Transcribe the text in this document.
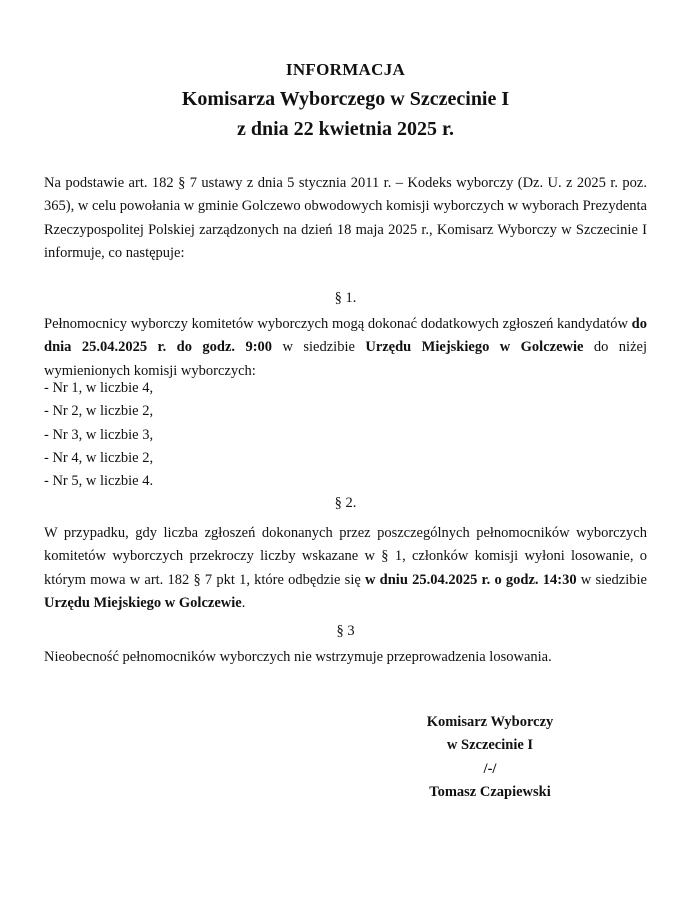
INFORMACJA
Komisarza Wyborczego w Szczecinie I
z dnia 22 kwietnia 2025 r.
Na podstawie art. 182 § 7 ustawy z dnia 5 stycznia 2011 r. – Kodeks wyborczy (Dz. U. z 2025 r. poz. 365), w celu powołania w gminie Golczewo obwodowych komisji wyborczych w wyborach Prezydenta Rzeczypospolitej Polskiej zarządzonych na dzień 18 maja 2025 r., Komisarz Wyborczy w Szczecinie I informuje, co następuje:
§ 1.
Pełnomocnicy wyborczy komitetów wyborczych mogą dokonać dodatkowych zgłoszeń kandydatów do dnia 25.04.2025 r. do godz. 9:00 w siedzibie Urzędu Miejskiego w Golczewie do niżej wymienionych komisji wyborczych:
- Nr 1, w liczbie 4,
- Nr 2, w liczbie 2,
- Nr 3, w liczbie 3,
- Nr 4, w liczbie 2,
- Nr 5, w liczbie 4.
§ 2.
W przypadku, gdy liczba zgłoszeń dokonanych przez poszczególnych pełnomocników wyborczych komitetów wyborczych przekroczy liczby wskazane w § 1, członków komisji wyłoni losowanie, o którym mowa w art. 182 § 7 pkt 1, które odbędzie się w dniu 25.04.2025 r. o godz. 14:30 w siedzibie Urzędu Miejskiego w Golczewie.
§ 3
Nieobecność pełnomocników wyborczych nie wstrzymuje przeprowadzenia losowania.
Komisarz Wyborczy
w Szczecinie I
/-/
Tomasz Czapiewski
